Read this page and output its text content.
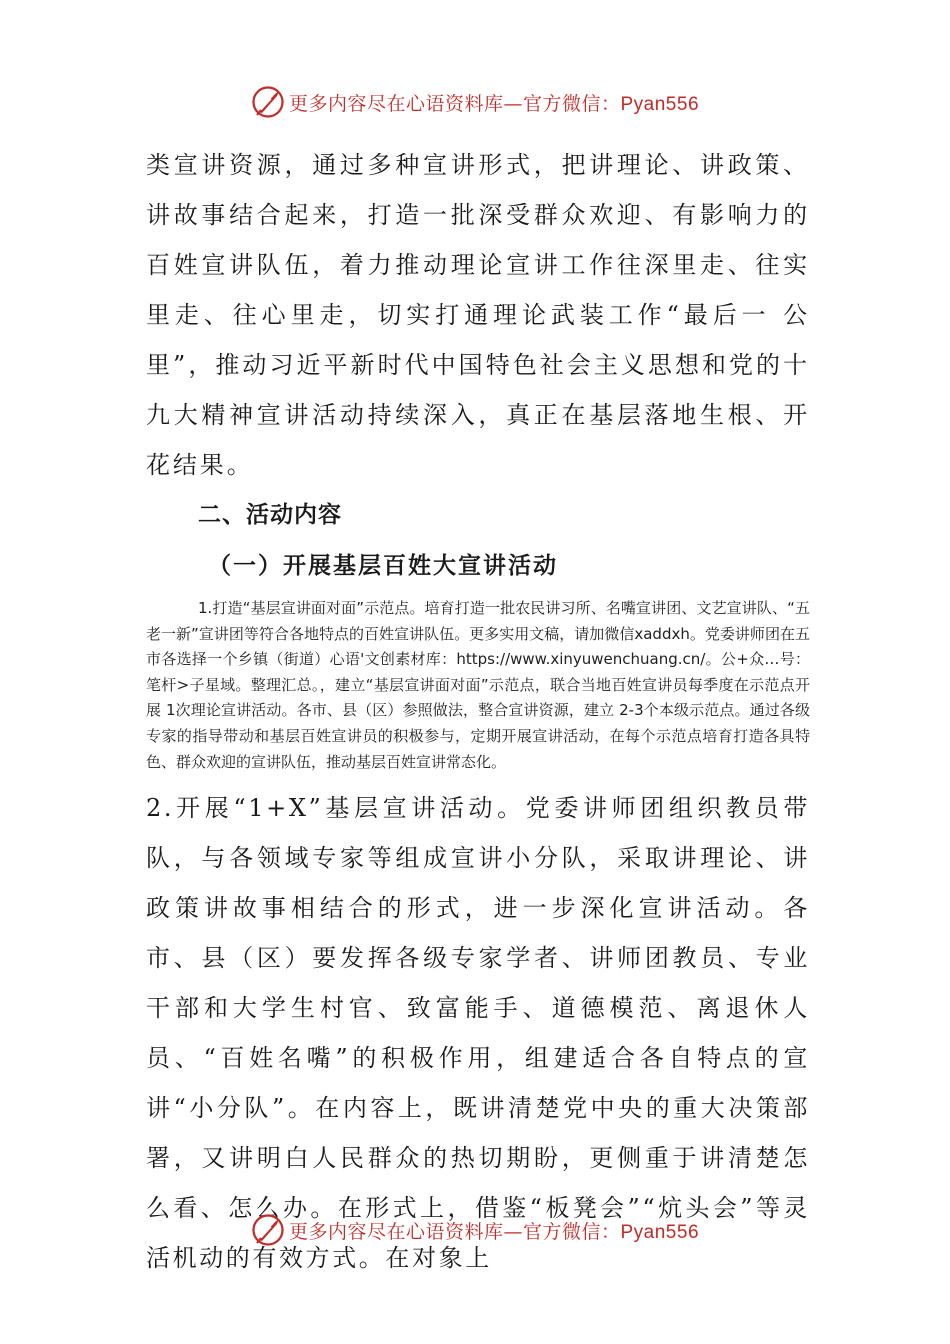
更多内容尽在心语资料库—官方微信：Pyan556

类宣讲资源，通过多种宣讲形式，把讲理论、讲政策、讲故事结合起来，打造一批深受群众欢迎、有影响力的百姓宣讲队伍，着力推动理论宣讲工作往深里走、往实里走、往心里走，切实打通理论武装工作“最后一 公里”，推动习近平新时代中国特色社会主义思想和党的十九大精神宣讲活动持续深入，真正在基层落地生根、开花结果。

二、活动内容
（一）开展基层百姓大宣讲活动

1.打造“基层宣讲面对面”示范点。培育打造一批农民讲习所、名嘴宣讲团、文艺宣讲队、“五老一新”宣讲团等符合各地特点的百姓宣讲队伍。更多实用文稿，请加微信xaddxh。党委讲师团在五市各选择一个乡镇（街道）心语'文创素材库：https://www.xinyuwenchuang.cn/。公+众…号：笔杆>子星域。整理汇总。，建立“基层宣讲面对面”示范点，联合当地百姓宣讲员每季度在示范点开展 1次理论宣讲活动。各市、县（区）参照做法，整合宣讲资源，建立 2-3个本级示范点。通过各级专家的指导带动和基层百姓宣讲员的积极参与，定期开展宣讲活动，在每个示范点培育打造各具特色、群众欢迎的宣讲队伍，推动基层百姓宣讲常态化。

2.开展“1+X”基层宣讲活动。党委讲师团组织教员带队，与各领域专家等组成宣讲小分队，采取讲理论、讲政策讲故事相结合的形式，进一步深化宣讲活动。各市、县（区）要发挥各级专家学者、讲师团教员、专业干部和大学生村官、致富能手、道德模范、离退休人员、“百姓名嘴”的积极作用，组建适合各自特点的宣讲“小分队”。在内容上，既讲清楚党中央的重大决策部署，又讲明白人民群众的热切期盼，更侧重于讲清楚怎么看、怎么办。在形式上，借鉴“板凳会”“炕头会”等灵活机动的有效方式。在对象上

更多内容尽在心语资料库—官方微信：Pyan556
